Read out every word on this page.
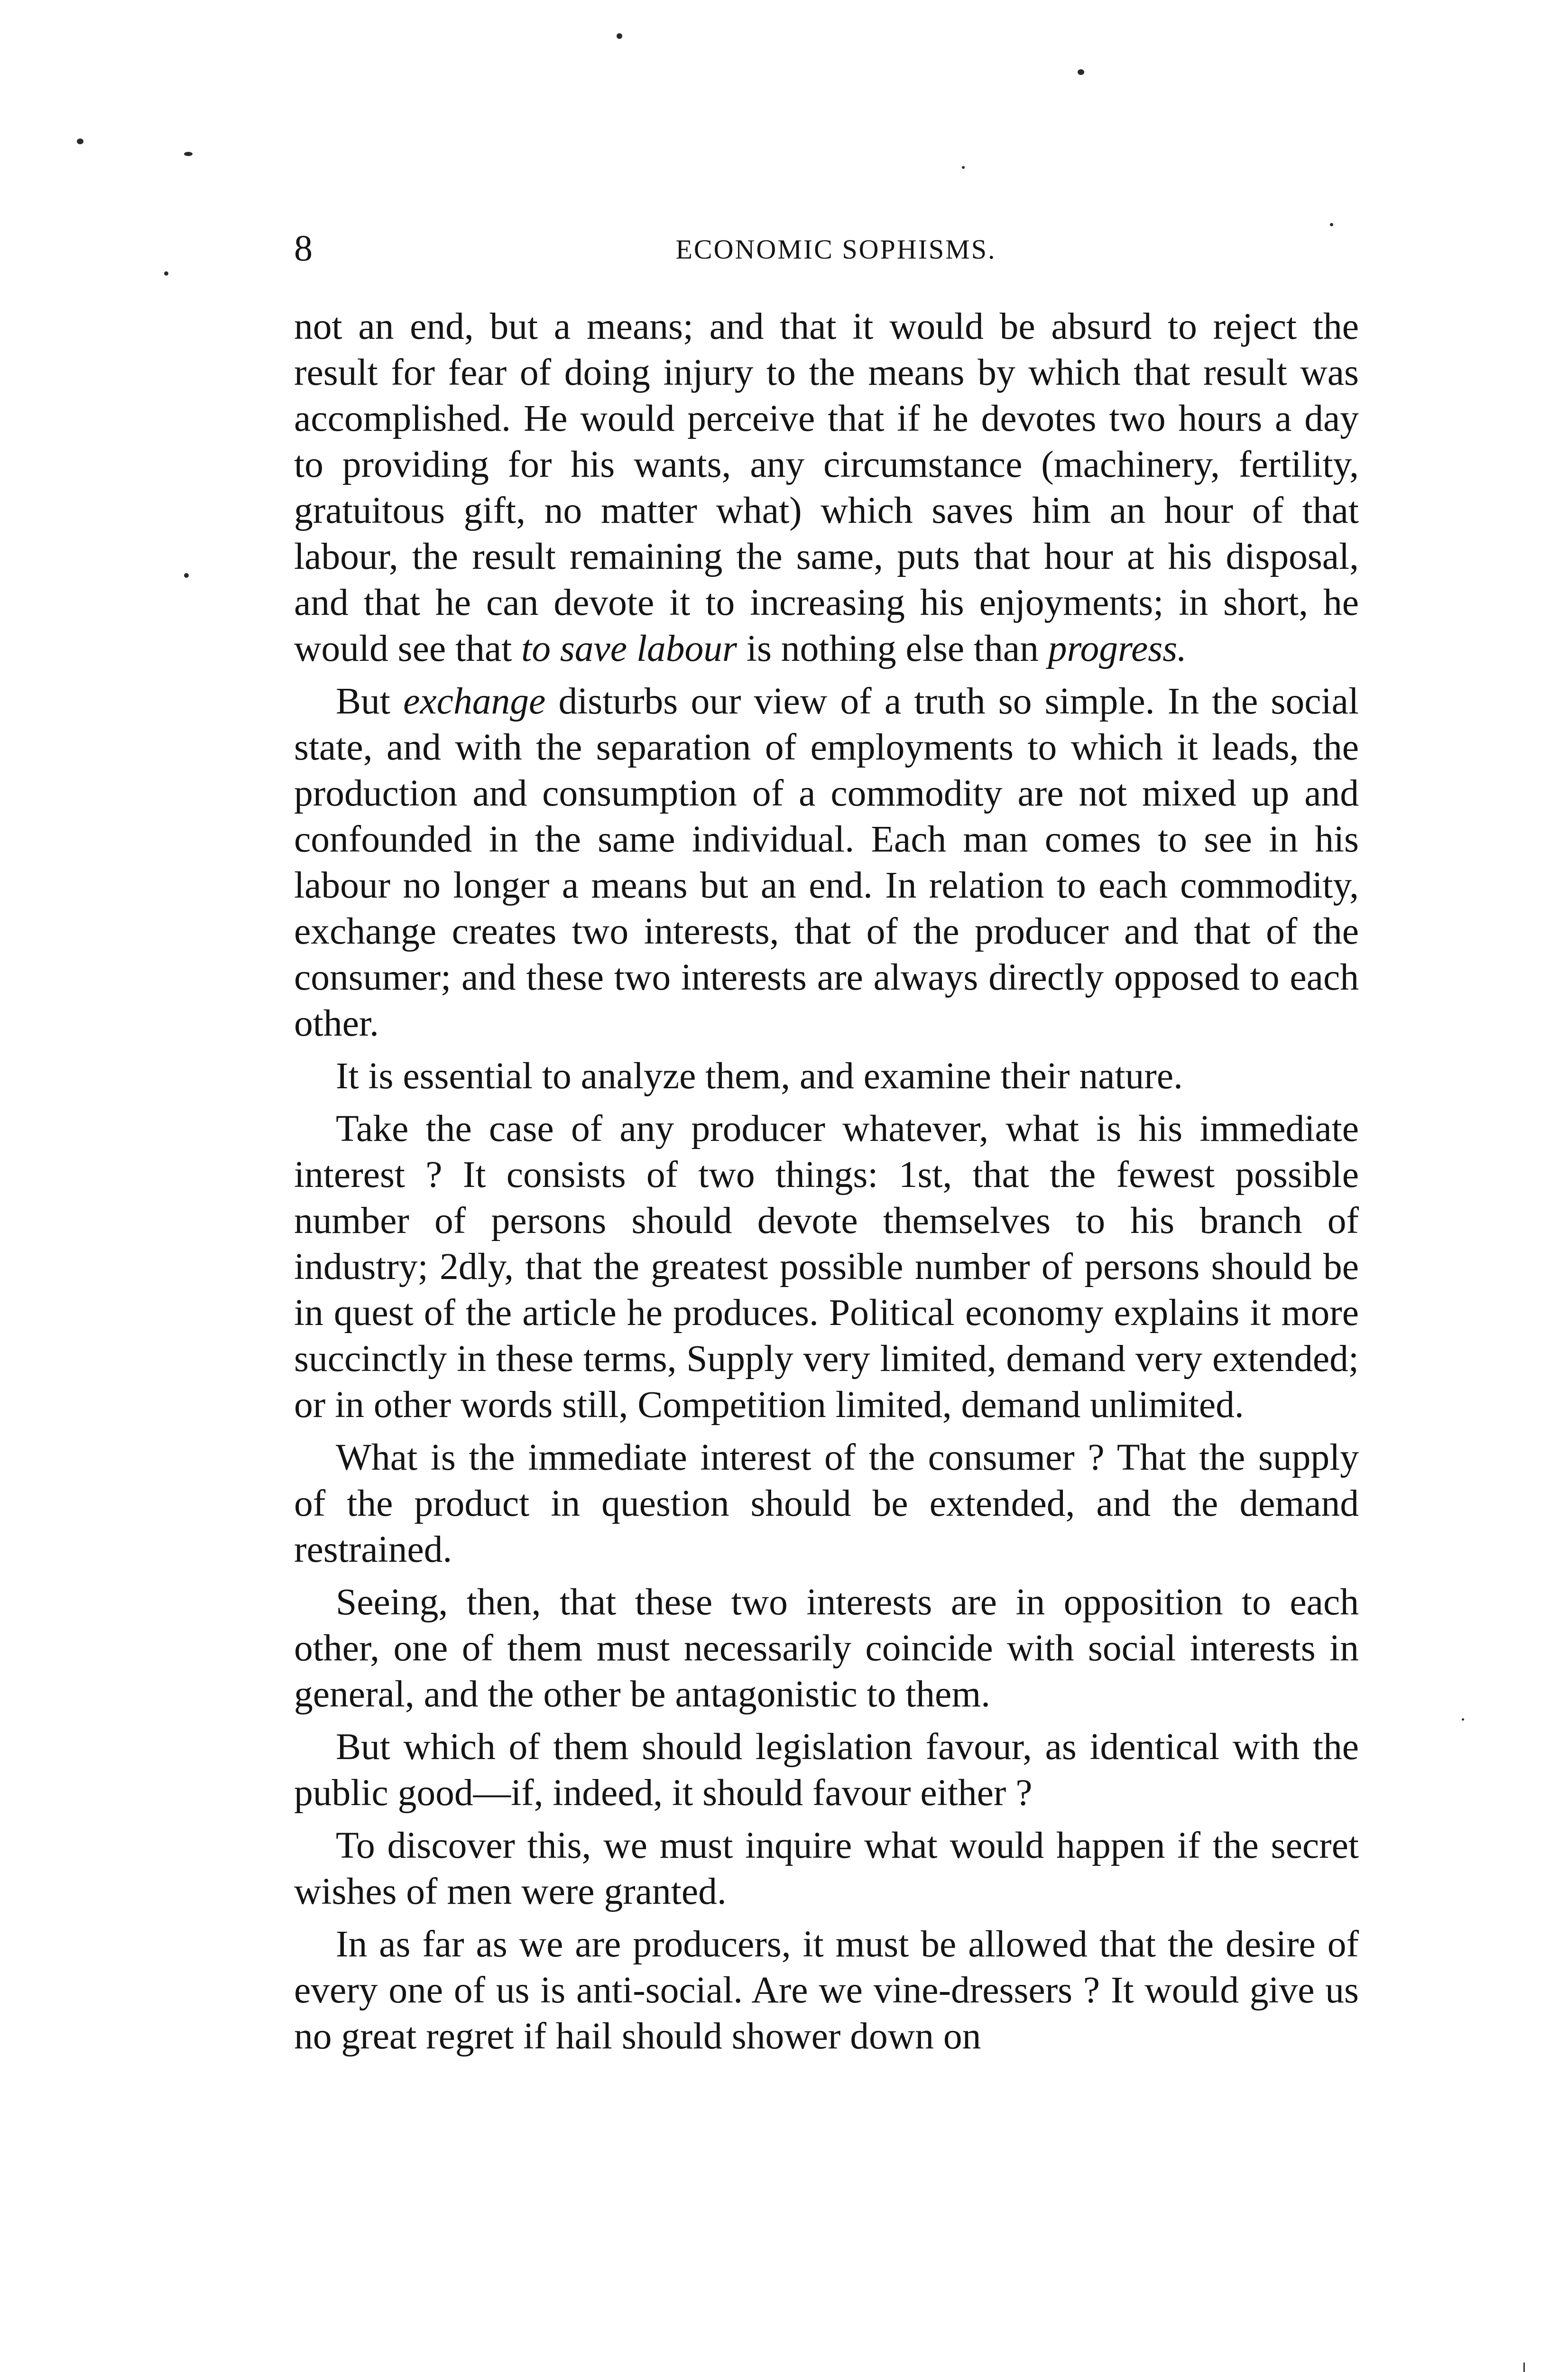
8	ECONOMIC SOPHISMS.

not an end, but a means; and that it would be absurd to reject the result for fear of doing injury to the means by which that result was accomplished. He would perceive that if he devotes two hours a day to providing for his wants, any circumstance (machinery, fertility, gratuitous gift, no matter what) which saves him an hour of that labour, the result remaining the same, puts that hour at his disposal, and that he can devote it to increasing his enjoyments; in short, he would see that to save labour is nothing else than progress.

But exchange disturbs our view of a truth so simple. In the social state, and with the separation of employments to which it leads, the production and consumption of a commodity are not mixed up and confounded in the same individual. Each man comes to see in his labour no longer a means but an end. In relation to each commodity, exchange creates two interests, that of the producer and that of the consumer; and these two interests are always directly opposed to each other.

It is essential to analyze them, and examine their nature.

Take the case of any producer whatever, what is his immediate interest ? It consists of two things: 1st, that the fewest possible number of persons should devote themselves to his branch of industry; 2dly, that the greatest possible number of persons should be in quest of the article he produces. Political economy explains it more succinctly in these terms, Supply very limited, demand very extended; or in other words still, Competition limited, demand unlimited.

What is the immediate interest of the consumer ? That the supply of the product in question should be extended, and the demand restrained.

Seeing, then, that these two interests are in opposition to each other, one of them must necessarily coincide with social interests in general, and the other be antagonistic to them.

But which of them should legislation favour, as identical with the public good—if, indeed, it should favour either ?

To discover this, we must inquire what would happen if the secret wishes of men were granted.

In as far as we are producers, it must be allowed that the desire of every one of us is anti-social. Are we vine-dressers ? It would give us no great regret if hail should shower down on
